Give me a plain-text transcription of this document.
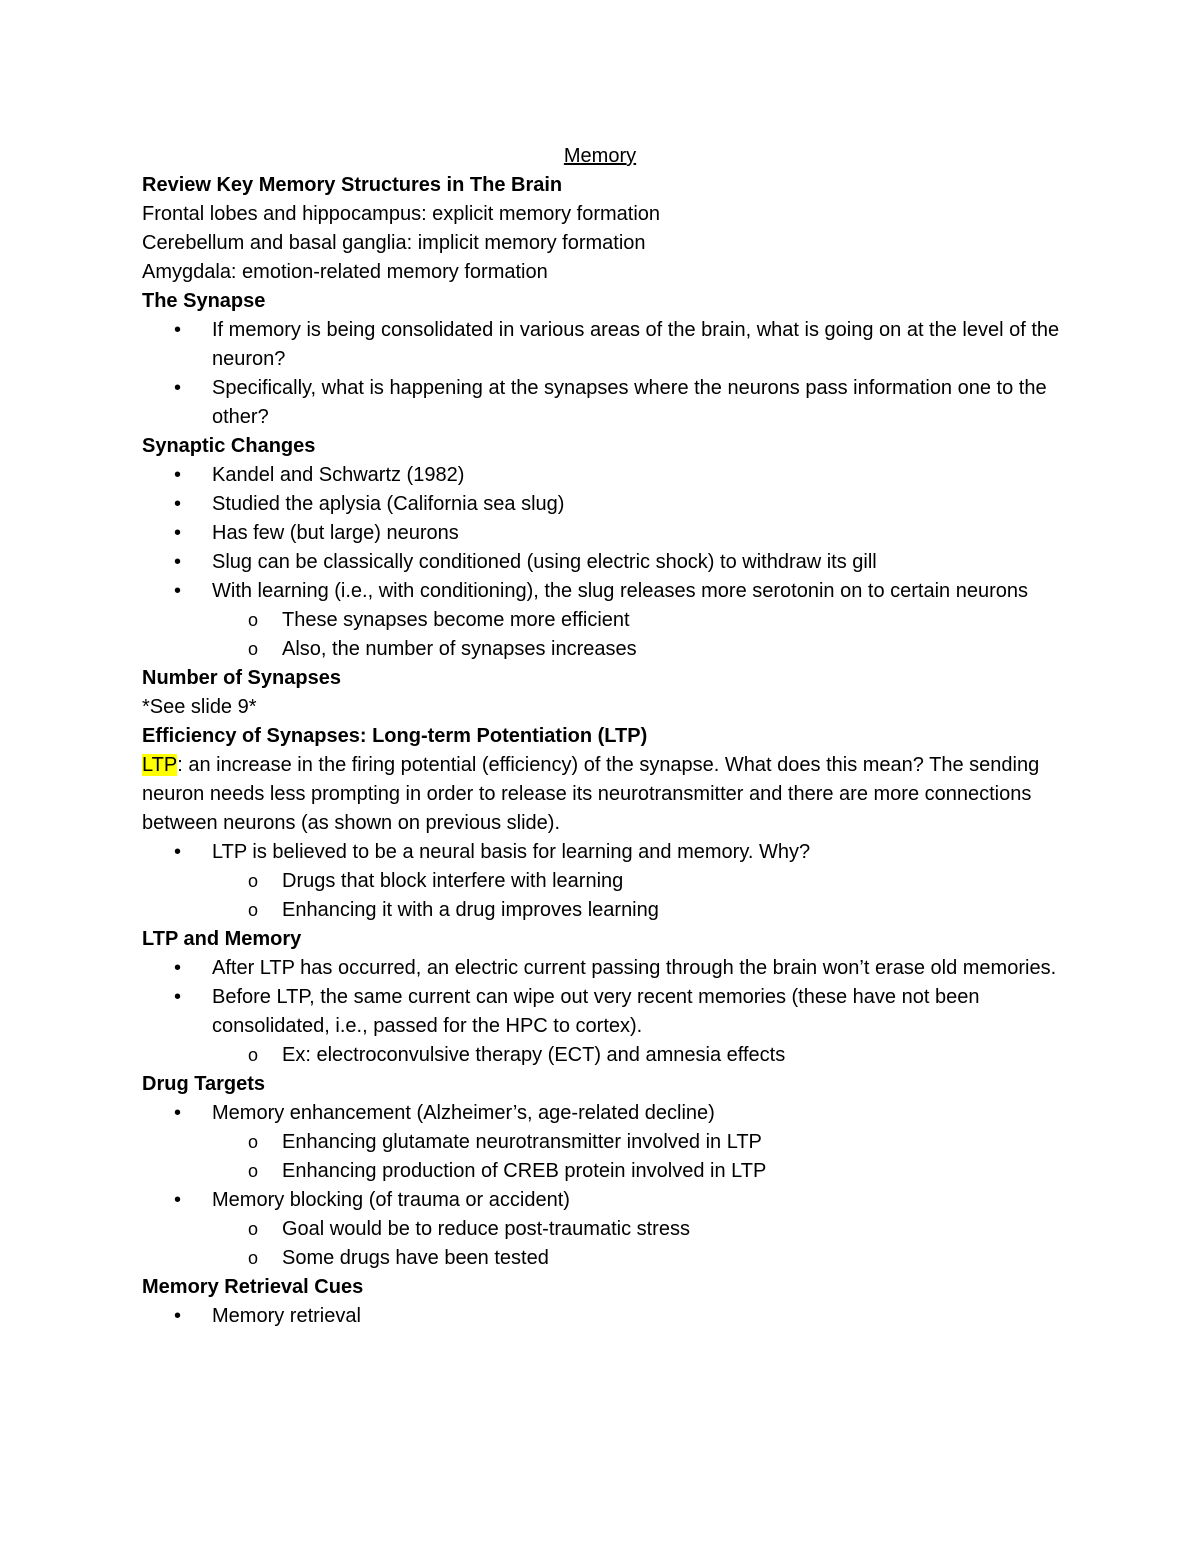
Memory
Review Key Memory Structures in The Brain
Frontal lobes and hippocampus: explicit memory formation
Cerebellum and basal ganglia: implicit memory formation
Amygdala: emotion-related memory formation
The Synapse
• If memory is being consolidated in various areas of the brain, what is going on at the level of the neuron?
• Specifically, what is happening at the synapses where the neurons pass information one to the other?
Synaptic Changes
• Kandel and Schwartz (1982)
• Studied the aplysia (California sea slug)
• Has few (but large) neurons
• Slug can be classically conditioned (using electric shock) to withdraw its gill
• With learning (i.e., with conditioning), the slug releases more serotonin on to certain neurons
o These synapses become more efficient
o Also, the number of synapses increases
Number of Synapses
*See slide 9*
Efficiency of Synapses: Long-term Potentiation (LTP)
LTP: an increase in the firing potential (efficiency) of the synapse. What does this mean? The sending neuron needs less prompting in order to release its neurotransmitter and there are more connections between neurons (as shown on previous slide).
• LTP is believed to be a neural basis for learning and memory. Why?
o Drugs that block interfere with learning
o Enhancing it with a drug improves learning
LTP and Memory
• After LTP has occurred, an electric current passing through the brain won’t erase old memories.
• Before LTP, the same current can wipe out very recent memories (these have not been consolidated, i.e., passed for the HPC to cortex).
o Ex: electroconvulsive therapy (ECT) and amnesia effects
Drug Targets
• Memory enhancement (Alzheimer’s, age-related decline)
o Enhancing glutamate neurotransmitter involved in LTP
o Enhancing production of CREB protein involved in LTP
• Memory blocking (of trauma or accident)
o Goal would be to reduce post-traumatic stress
o Some drugs have been tested
Memory Retrieval Cues
• Memory retrieval
